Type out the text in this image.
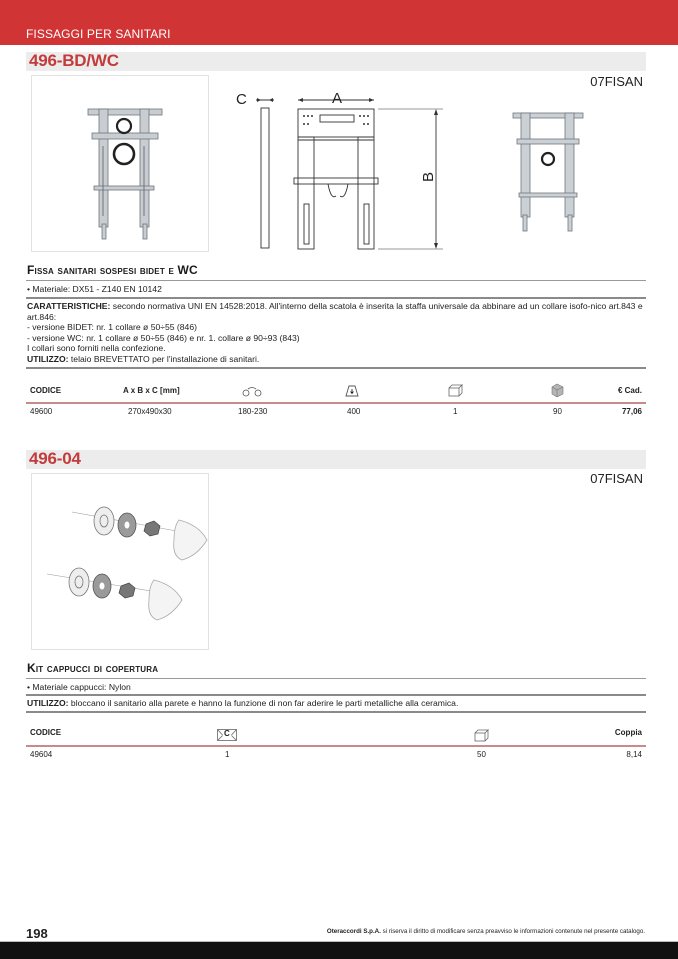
FISSAGGI PER SANITARI
496-BD/WC
07FISAN
C	A
B
Fissa sanitari sospesi bidet e WC
• Materiale: DX51 - Z140 EN 10142
CARATTERISTICHE: secondo normativa UNI EN 14528:2018. All'interno della scatola è inserita la staffa universale da abbinare ad un collare isofo-nico art.843 e art.846:
- versione BIDET: nr. 1 collare ø 50÷55 (846)
- versione WC: nr. 1 collare ø 50÷55 (846) e nr. 1. collare ø 90÷93 (843)
I collari sono forniti nella confezione.
UTILIZZO: telaio BREVETTATO per l'installazione di sanitari.
CODICE	A x B x C [mm]	€ Cad.
49600	270x490x30	180-230	400	1	90	77,06
496-04
07FISAN
Kit cappucci di copertura
• Materiale cappucci: Nylon
UTILIZZO: bloccano il sanitario alla parete e hanno la funzione di non far aderire le parti metalliche alla ceramica.
CODICE	C	Coppia
49604	1	50	8,14
198	Oteraccordi S.p.A. si riserva il diritto di modificare senza preavviso le informazioni contenute nel presente catalogo.
